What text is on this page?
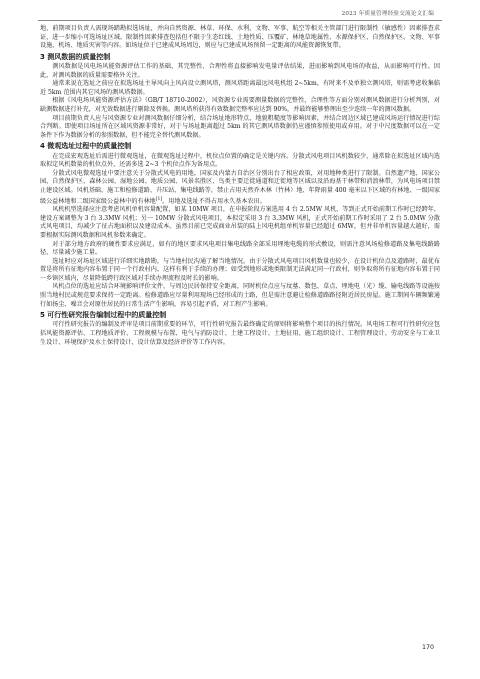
2023 年质量管理经验交流论文汇编

地，前期项目负责人需现场踏勘拟选场址，并向自然资源、林草、环保、水利、文物、军事、航空等相关主管部门进行限制性（敏感性）因素排查求证，进一步缩小可选场址区域。限制性因素排查包括但不限于生态红线、土地性质、压覆矿、林地草地属性、水源保护区、自然保护区、文物、军事设施、机场、地质灾害等内容。如场址位于已建成风场周边，则应与已建成风场预留一定距离的风能资源恢复带。

3 测风数据的质量控制

测风数据是风电场风能资源评估工作的基础，其完整性、合理性将直接影响发电量评估结果，进而影响到风电场的收益，从而影响可行性。因此，对测风数据的质量需要格外关注。

通常来说在选址之前应在拟选场址主导风向上风向设立测风塔，测风塔距离最远风电机组 2~5km，有时来不及单独立测风塔，则需考虑收集临近 5km 范围内其它风场的测风塔数据。

根据《风电场风能资源评估方法》（GB/T 18710-2002），风资源专业需要测量数据的完整性、合理性等方面分别对测风数据进行分析判别，对缺测数据进行补充，对无效数据进行剔除及替换。测风塔所获得有效数据完整率应达到 90%，并最终能够整理出至少连续一年的测风数据。

项目前期负责人应与风资源专业对测风数据仔细分析，结合场址地形特点、地貌粗糙度等影响因素，并结合周边区域已建成风场运行情况进行综合判断。即使项目场址所在区域风资源非常好，对于与场址距离超过 5km 的其它测风塔数据仍应谨慎参照使用或弃用。对于中尺度数据可以在一定条件下作为数据分析的参照数据，但不能完全替代测风数据。

4 微观选址过程中的质量控制

在完成宏观选址后需进行微观选址，在微观选址过程中，机位点位置的确定是关键内容。分散式风电项目风机数较少，通常除在拟选址区域内选取拟定风机数量的机位点外，还需多选 2~3 个机位点作为备用点。

分散式风电微观选址中要注意关于分散式风电的用地。国家及内蒙古自治区分别出台了相应政策，对用地种类进行了限制。自然遗产地、国家公园、自然保护区、森林公园、湿地公园、地质公园、风景名胜区、鸟类主要迁徙通道和迁徙地等区域以及沿海基干林带和消浪林带，为风电场项目禁止建设区域。风机基础、施工和检修道路、升压站、集电线路等，禁止占用天然乔木林（竹林）地、年降雨量 400 毫米以下区域的有林地、一级国家级公益林地和二级国家级公益林中的有林地[1]。用地及选址不得占用永久基本农田。

风机机型选择应注意考虑风机单机容量配置，如某 10MW 项目，在申报阶段方案选用 4 台 2.5MW 风机，等到正式开始前期工作时已经跨年，建设方案调整为 3 台 3.3MW 风机；另一 10MW 分散式风电项目，本拟定采用 3 台 3.3MW 风机，正式开始前期工作时采用了 2 台 5.0MW 分散式风电项目，均减少了征占地面积以及建设成本。虽然目前已完成商业吊装的陆上风电机组单机容量已经超过 6MW，但并非单机容量越大越好，需要根据实际测风数据和风机参数来确定。

对于部分地方政府的硬性要求应满足，如有的地区要求风电项目集电线路全部采用埋地电缆的形式敷设，则需注意风场检修道路及集电线路路径，尽量减少施工量。

选址时应对场址区域进行详细实地踏勘，与当地村民沟通了解当地情况。由于分散式风电项目风机数量也较少，在设计机位点及道路时，最优布置是将所有征地内容布置于同一个行政村内，这样有利于手续的办理；如受到地形或地类限制无法满足同一行政村，则争取将所有征地内容布置于同一乡镇区域内，尽量降低跨行政区域对手续办理流程及时长的影响。

风机点位的选址应结合环境影响评价文件，与周边民居保持安全距离，同时机位点应与坟墓、数包、草点、埋地电（光）缆、输电线路等设施按照当地村民或规范要求保持一定距离。检修道路应尽量利用现场已经形成的土路，但是需注意避让检修道路路径附近居民房屋。施工期间车辆频繁通行如扬尘、噪音会对原住居民的日常生活产生影响，容易引起矛盾，对工程产生影响。

5 可行性研究报告编制过程中的质量控制

可行性研究报告的编制及评审是项目前期重要的环节，可行性研究报告最终确定的原则将影响整个项目的执行情况。风电场工程可行性研究应包括风能资源评估、工程地质评价、工程规模与布置、电气与消防设计、土建工程设计、土地征用、施工组织设计、工程管理设计、劳动安全与工业卫生设计、环境保护及水土保持设计、设计估算及经济评价等工作内容。

170
